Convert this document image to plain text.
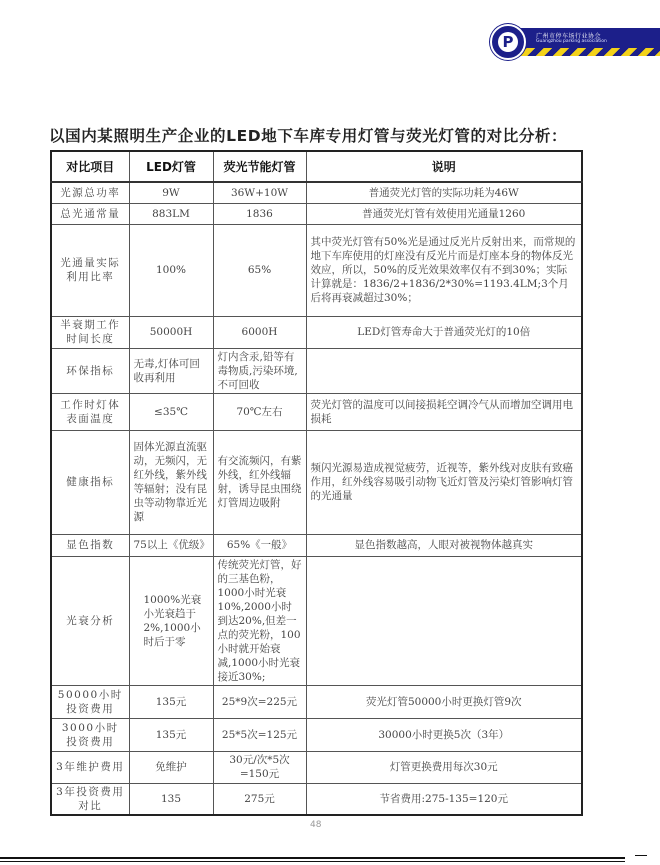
广州市停车场行业协会
Guangzhou parking association
P
以国内某照明生产企业的LED地下车库专用灯管与荧光灯管的对比分析：
对比项目	LED灯管	荧光节能灯管	说明
光源总功率	9W	36W+10W	普通荧光灯管的实际功耗为46W
总光通常量	883LM	1836	普通荧光灯管有效使用光通量1260
光通量实际利用比率	100%	65%	其中荧光灯管有50%光是通过反光片反射出来，而常规的地下车库使用的灯座没有反光片而是灯座本身的物体反光效应，所以，50%的反光效果效率仅有不到30%；实际计算就是：1836/2+1836/2*30%=1193.4LM;3个月后将再衰减超过30%；
半衰期工作时间长度	50000H	6000H	LED灯管寿命大于普通荧光灯的10倍
环保指标	无毒,灯体可回收再利用	灯内含汞,铅等有毒物质,污染环境,不可回收	
工作时灯体表面温度	≤35℃	70℃左右	荧光灯管的温度可以间接损耗空调冷气从而增加空调用电损耗
健康指标	固体光源直流驱动，无频闪，无红外线，紫外线等辐射；没有昆虫等动物靠近光源	有交流频闪，有紫外线，红外线辐射，诱导昆虫围绕灯管周边吸附	频闪光源易造成视觉疲劳，近视等，紫外线对皮肤有致癌作用，红外线容易吸引动物飞近灯管及污染灯管影响灯管的光通量
显色指数	75以上《优级》	65%《一般》	显色指数越高，人眼对被视物体越真实
光衰分析	1000%光衰小光衰趋于2%,1000小时后于零	传统荧光灯管，好的三基色粉，1000小时光衰10%,2000小时到达20%,但差一点的荧光粉，100小时就开始衰减,1000小时光衰接近30%;	
50000小时投资费用	135元	25*9次=225元	荧光灯管50000小时更换灯管9次
3000小时投资费用	135元	25*5次=125元	30000小时更换5次（3年）
3年维护费用	免维护	30元/次*5次=150元	灯管更换费用每次30元
3年投资费用对比	135	275元	节省费用:275-135=120元
48
